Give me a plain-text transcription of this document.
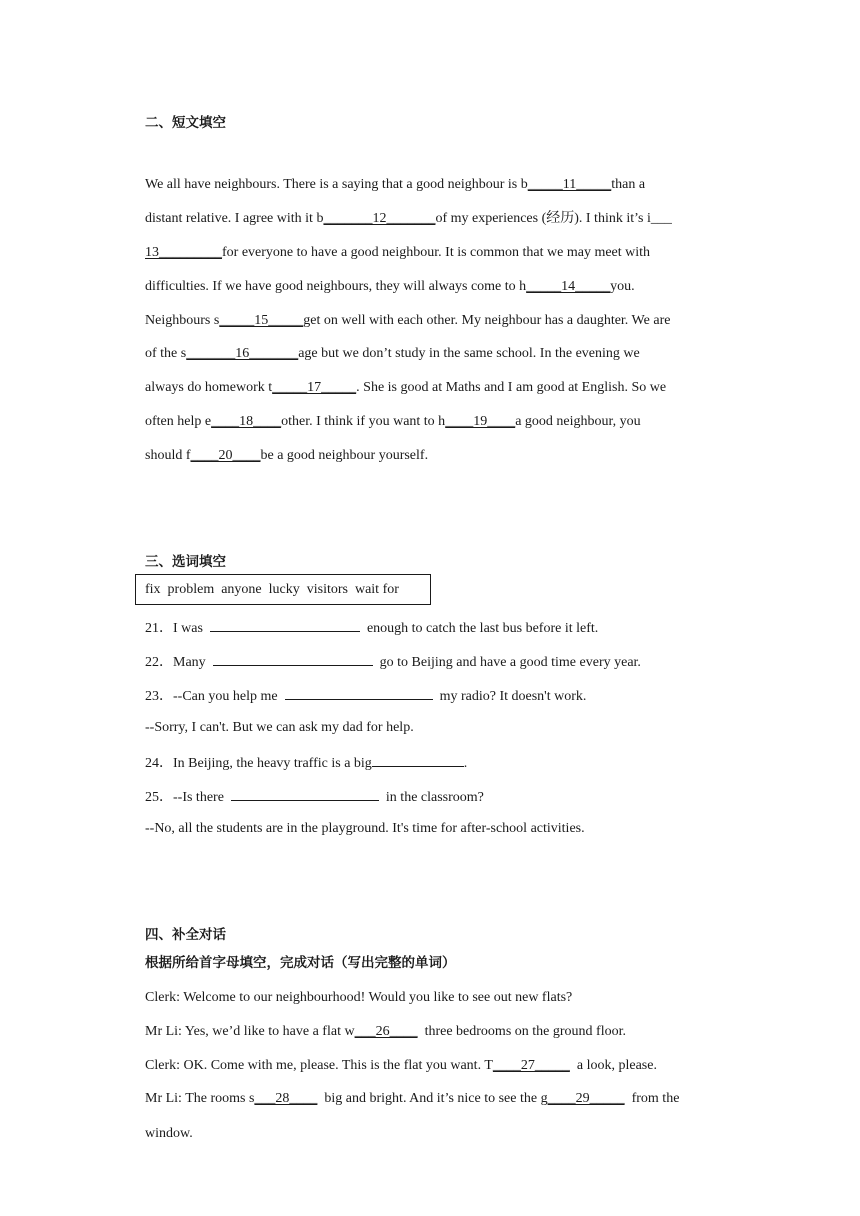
二、短文填空
We all have neighbours. There is a saying that a good neighbour is b_____11_____than a
distant relative. I agree with it b_______12_______of my experiences (经历). I think it’s i___
13_________for everyone to have a good neighbour. It is common that we may meet with
difficulties. If we have good neighbours, they will always come to h_____14_____you.
Neighbours s_____15_____get on well with each other. My neighbour has a daughter. We are
of the s_______16_______age but we don’t study in the same school. In the evening we
always do homework t_____17_____. She is good at Maths and I am good at English. So we
often help e____18____other. I think if you want to h____19____a good neighbour, you
should f____20____be a good neighbour yourself.
三、选词填空
fix  problem  anyone  lucky  visitors  wait for
21．I was	enough to catch the last bus before it left.
22．Many	go to Beijing and have a good time every year.
23．--Can you help me	my radio? It doesn't work.
--Sorry, I can't. But we can ask my dad for help.
24．In Beijing, the heavy traffic is a big	.
25．--Is there	in the classroom?
--No, all the students are in the playground. It's time for after-school activities.
四、补全对话
根据所给首字母填空，完成对话（写出完整的单词）
Clerk: Welcome to our neighbourhood! Would you like to see out new flats?
Mr Li: Yes, we’d like to have a flat w___26____ three bedrooms on the ground floor.
Clerk: OK. Come with me, please. This is the flat you want. T____27_____ a look, please.
Mr Li: The rooms s___28____ big and bright. And it’s nice to see the g____29_____ from the
window.
